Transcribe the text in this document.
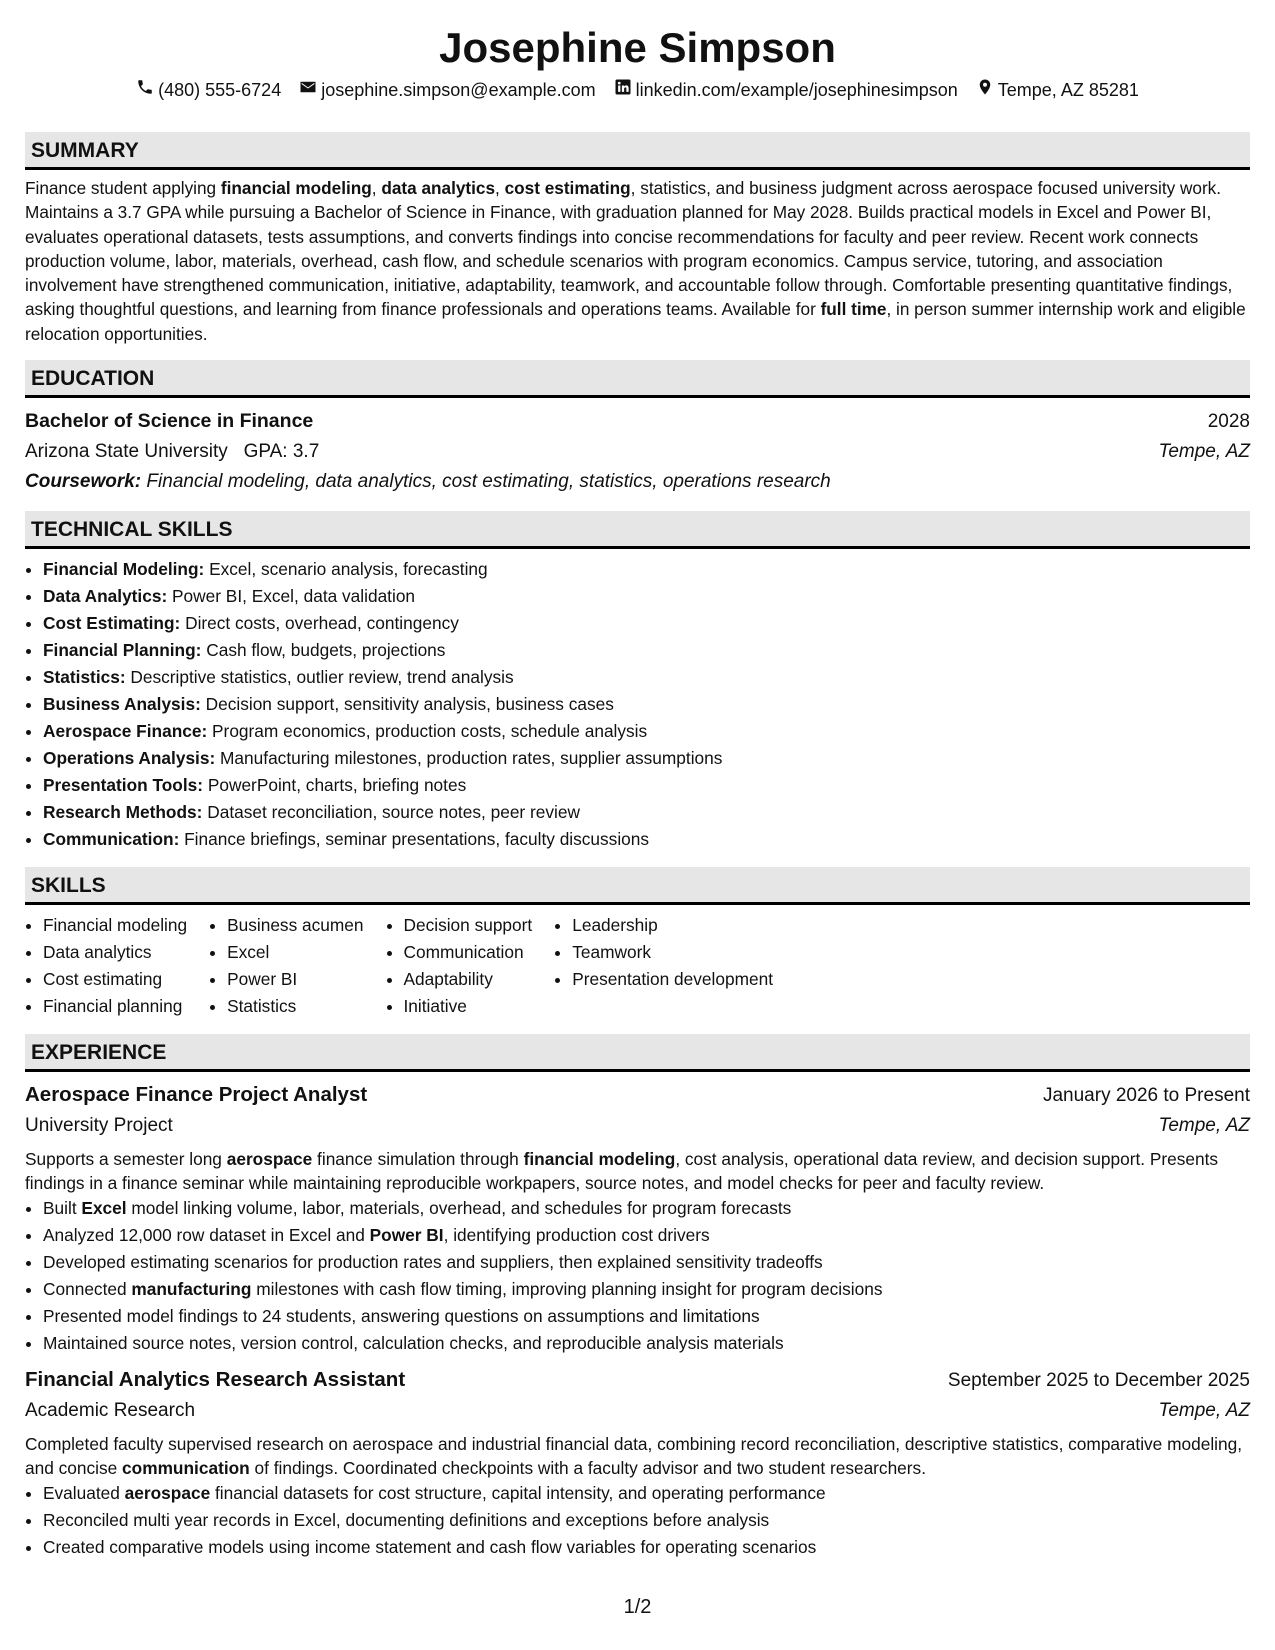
Josephine Simpson
(480) 555-6724 josephine.simpson@example.com linkedin.com/example/josephinesimpson Tempe, AZ 85281
SUMMARY
Finance student applying financial modeling, data analytics, cost estimating, statistics, and business judgment across aerospace focused university work. Maintains a 3.7 GPA while pursuing a Bachelor of Science in Finance, with graduation planned for May 2028. Builds practical models in Excel and Power BI, evaluates operational datasets, tests assumptions, and converts findings into concise recommendations for faculty and peer review. Recent work connects production volume, labor, materials, overhead, cash flow, and schedule scenarios with program economics. Campus service, tutoring, and association involvement have strengthened communication, initiative, adaptability, teamwork, and accountable follow through. Comfortable presenting quantitative findings, asking thoughtful questions, and learning from finance professionals and operations teams. Available for full time, in person summer internship work and eligible relocation opportunities.
EDUCATION
Bachelor of Science in Finance	2028
Arizona State University GPA: 3.7	Tempe, AZ
Coursework: Financial modeling, data analytics, cost estimating, statistics, operations research
TECHNICAL SKILLS
• Financial Modeling: Excel, scenario analysis, forecasting
• Data Analytics: Power BI, Excel, data validation
• Cost Estimating: Direct costs, overhead, contingency
• Financial Planning: Cash flow, budgets, projections
• Statistics: Descriptive statistics, outlier review, trend analysis
• Business Analysis: Decision support, sensitivity analysis, business cases
• Aerospace Finance: Program economics, production costs, schedule analysis
• Operations Analysis: Manufacturing milestones, production rates, supplier assumptions
• Presentation Tools: PowerPoint, charts, briefing notes
• Research Methods: Dataset reconciliation, source notes, peer review
• Communication: Finance briefings, seminar presentations, faculty discussions
SKILLS
• Financial modeling
• Data analytics
• Cost estimating
• Financial planning
• Business acumen
• Excel
• Power BI
• Statistics
• Decision support
• Communication
• Adaptability
• Initiative
• Leadership
• Teamwork
• Presentation development
EXPERIENCE
Aerospace Finance Project Analyst	January 2026 to Present
University Project	Tempe, AZ
Supports a semester long aerospace finance simulation through financial modeling, cost analysis, operational data review, and decision support. Presents findings in a finance seminar while maintaining reproducible workpapers, source notes, and model checks for peer and faculty review.
• Built Excel model linking volume, labor, materials, overhead, and schedules for program forecasts
• Analyzed 12,000 row dataset in Excel and Power BI, identifying production cost drivers
• Developed estimating scenarios for production rates and suppliers, then explained sensitivity tradeoffs
• Connected manufacturing milestones with cash flow timing, improving planning insight for program decisions
• Presented model findings to 24 students, answering questions on assumptions and limitations
• Maintained source notes, version control, calculation checks, and reproducible analysis materials
Financial Analytics Research Assistant	September 2025 to December 2025
Academic Research	Tempe, AZ
Completed faculty supervised research on aerospace and industrial financial data, combining record reconciliation, descriptive statistics, comparative modeling, and concise communication of findings. Coordinated checkpoints with a faculty advisor and two student researchers.
• Evaluated aerospace financial datasets for cost structure, capital intensity, and operating performance
• Reconciled multi year records in Excel, documenting definitions and exceptions before analysis
• Created comparative models using income statement and cash flow variables for operating scenarios
1/2
